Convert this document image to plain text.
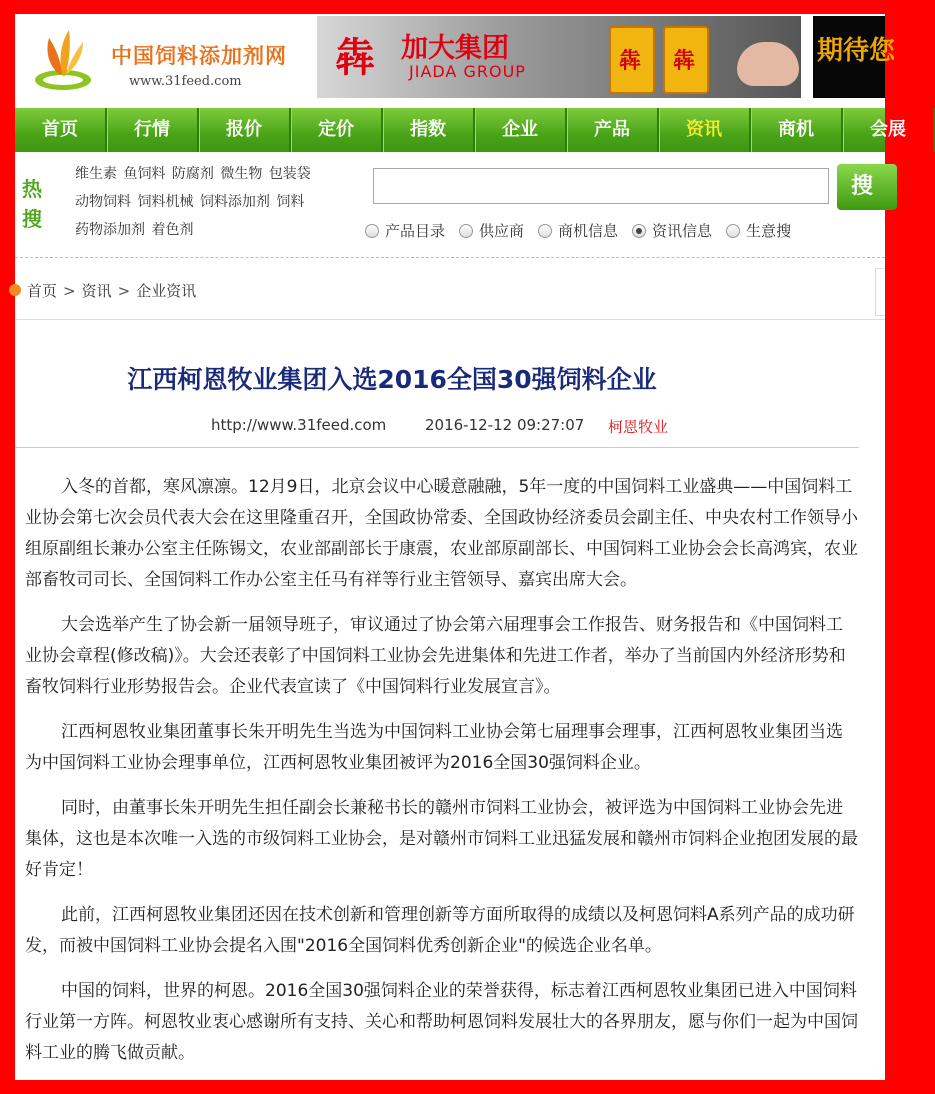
中国饲料添加剂网
www.31feed.com
犇 加大集团
JIADA GROUP	犇 犇	期待您
首页	行情	报价	定价	指数	企业	产品	资讯	商机	会展
热
搜
维生素 鱼饲料 防腐剂 微生物 包装袋 动物饲料 饲料机械 饲料添加剂 饲料药物添加剂 着色剂
搜
产品目录 供应商 商机信息 资讯信息 生意搜
首页 > 资讯 > 企业资讯
江西柯恩牧业集团入选2016全国30强饲料企业
http://www.31feed.com	2016-12-12 09:27:07 柯恩牧业

入冬的首都，寒风凛凛。12月9日，北京会议中心暖意融融，5年一度的中国饲料工业盛典——中国饲料工业协会第七次会员代表大会在这里隆重召开，全国政协常委、全国政协经济委员会副主任、中央农村工作领导小组原副组长兼办公室主任陈锡文，农业部副部长于康震，农业部原副部长、中国饲料工业协会会长高鸿宾，农业部畜牧司司长、全国饲料工作办公室主任马有祥等行业主管领导、嘉宾出席大会。

大会选举产生了协会新一届领导班子，审议通过了协会第六届理事会工作报告、财务报告和《中国饲料工业协会章程(修改稿)》。大会还表彰了中国饲料工业协会先进集体和先进工作者，举办了当前国内外经济形势和畜牧饲料行业形势报告会。企业代表宣读了《中国饲料行业发展宣言》。

江西柯恩牧业集团董事长朱开明先生当选为中国饲料工业协会第七届理事会理事，江西柯恩牧业集团当选为中国饲料工业协会理事单位，江西柯恩牧业集团被评为2016全国30强饲料企业。

同时，由董事长朱开明先生担任副会长兼秘书长的赣州市饲料工业协会，被评选为中国饲料工业协会先进集体，这也是本次唯一入选的市级饲料工业协会，是对赣州市饲料工业迅猛发展和赣州市饲料企业抱团发展的最好肯定！

此前，江西柯恩牧业集团还因在技术创新和管理创新等方面所取得的成绩以及柯恩饲料A系列产品的成功研发，而被中国饲料工业协会提名入围"2016全国饲料优秀创新企业"的候选企业名单。

中国的饲料，世界的柯恩。2016全国30强饲料企业的荣誉获得，标志着江西柯恩牧业集团已进入中国饲料行业第一方阵。柯恩牧业衷心感谢所有支持、关心和帮助柯恩饲料发展壮大的各界朋友，愿与你们一起为中国饲料工业的腾飞做贡献。
